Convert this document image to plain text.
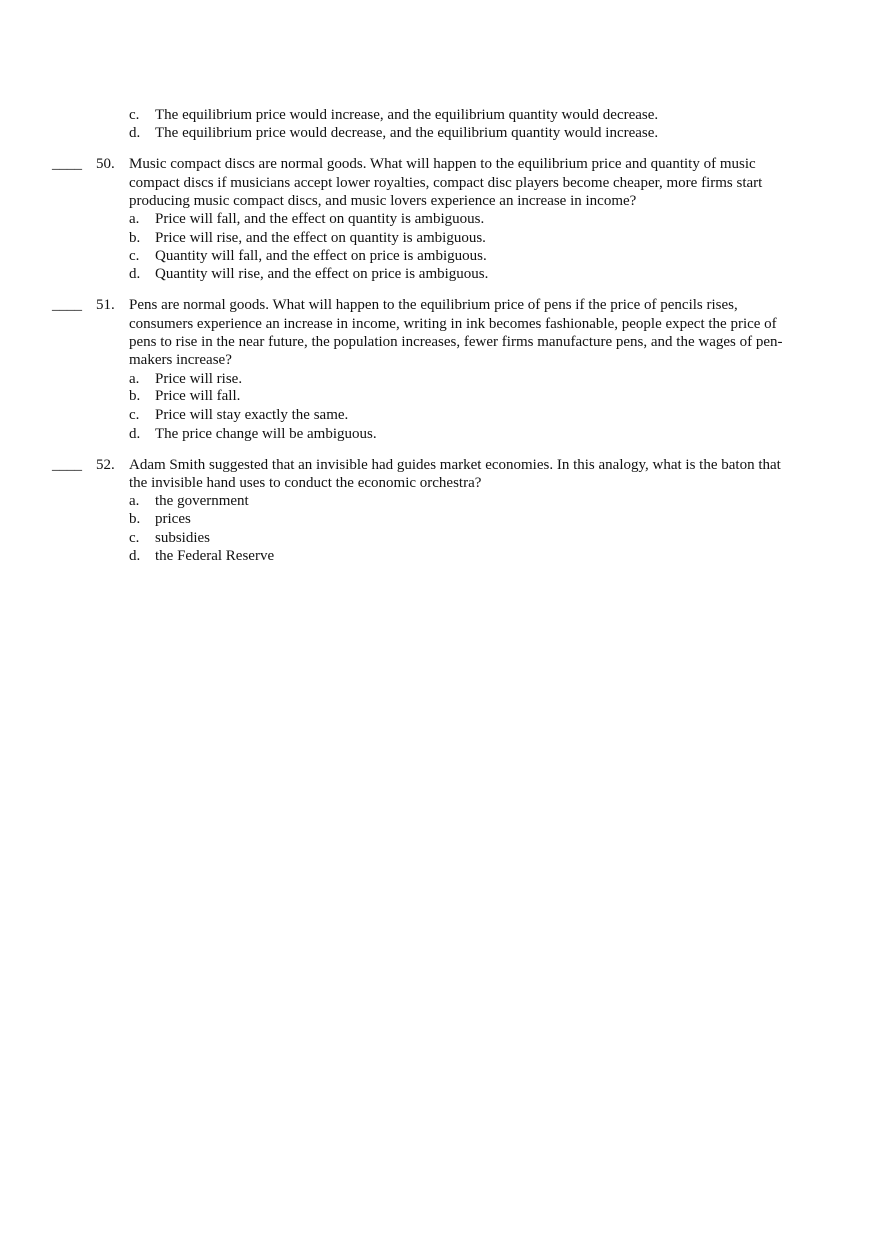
c. The equilibrium price would increase, and the equilibrium quantity would decrease.
d. The equilibrium price would decrease, and the equilibrium quantity would increase.
____ 50. Music compact discs are normal goods. What will happen to the equilibrium price and quantity of music
compact discs if musicians accept lower royalties, compact disc players become cheaper, more firms start
producing music compact discs, and music lovers experience an increase in income?
a. Price will fall, and the effect on quantity is ambiguous.
b. Price will rise, and the effect on quantity is ambiguous.
c. Quantity will fall, and the effect on price is ambiguous.
d. Quantity will rise, and the effect on price is ambiguous.
____ 51. Pens are normal goods. What will happen to the equilibrium price of pens if the price of pencils rises,
consumers experience an increase in income, writing in ink becomes fashionable, people expect the price of
pens to rise in the near future, the population increases, fewer firms manufacture pens, and the wages of pen-
makers increase?
a. Price will rise.
b. Price will fall.
c. Price will stay exactly the same.
d. The price change will be ambiguous.
____ 52. Adam Smith suggested that an invisible had guides market economies. In this analogy, what is the baton that
the invisible hand uses to conduct the economic orchestra?
a. the government
b. prices
c. subsidies
d. the Federal Reserve
